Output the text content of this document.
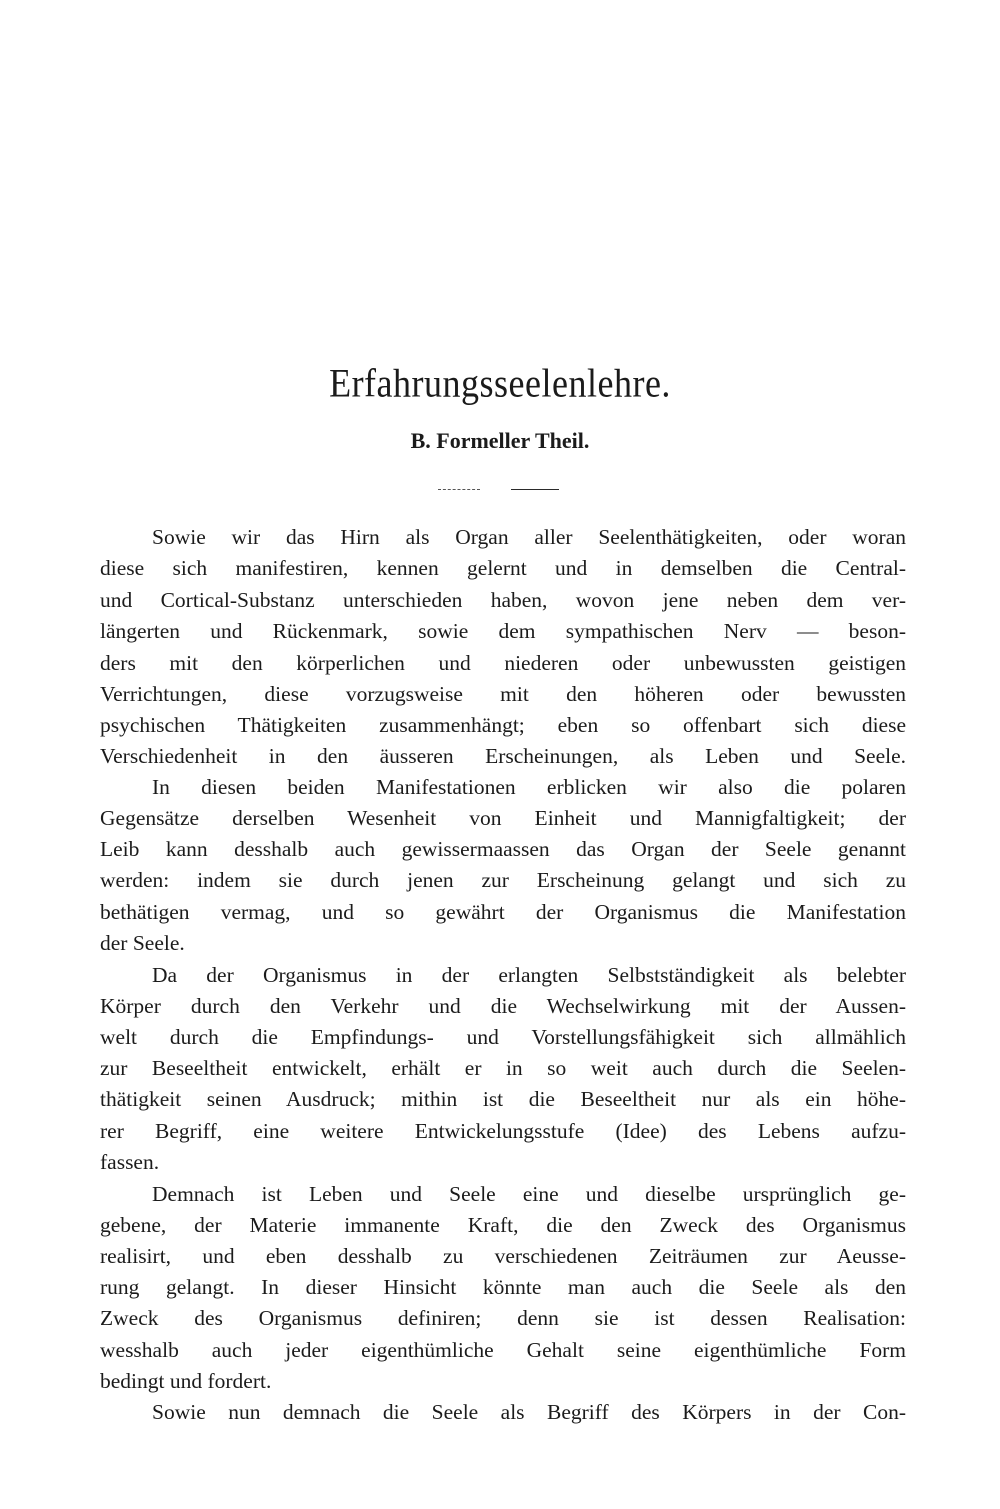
Erfahrungsseelenlehre.
B. Formeller Theil.
Sowie wir das Hirn als Organ aller Seelenthätigkeiten, oder woran
diese sich manifestiren, kennen gelernt und in demselben die Central-
und Cortical-Substanz unterschieden haben, wovon jene neben dem ver-
längerten und Rückenmark, sowie dem sympathischen Nerv — beson-
ders mit den körperlichen und niederen oder unbewussten geistigen
Verrichtungen, diese vorzugsweise mit den höheren oder bewussten
psychischen Thätigkeiten zusammenhängt; eben so offenbart sich diese
Verschiedenheit in den äusseren Erscheinungen, als Leben und Seele.
In diesen beiden Manifestationen erblicken wir also die polaren
Gegensätze derselben Wesenheit von Einheit und Mannigfaltigkeit; der
Leib kann desshalb auch gewissermaassen das Organ der Seele genannt
werden: indem sie durch jenen zur Erscheinung gelangt und sich zu
bethätigen vermag, und so gewährt der Organismus die Manifestation
der Seele.
Da der Organismus in der erlangten Selbstständigkeit als belebter
Körper durch den Verkehr und die Wechselwirkung mit der Aussen-
welt durch die Empfindungs- und Vorstellungsfähigkeit sich allmählich
zur Beseeltheit entwickelt, erhält er in so weit auch durch die Seelen-
thätigkeit seinen Ausdruck; mithin ist die Beseeltheit nur als ein höhe-
rer Begriff, eine weitere Entwickelungsstufe (Idee) des Lebens aufzu-
fassen.
Demnach ist Leben und Seele eine und dieselbe ursprünglich ge-
gebene, der Materie immanente Kraft, die den Zweck des Organismus
realisirt, und eben desshalb zu verschiedenen Zeiträumen zur Aeusse-
rung gelangt. In dieser Hinsicht könnte man auch die Seele als den
Zweck des Organismus definiren; denn sie ist dessen Realisation:
wesshalb auch jeder eigenthümliche Gehalt seine eigenthümliche Form
bedingt und fordert.
Sowie nun demnach die Seele als Begriff des Körpers in der Con-
